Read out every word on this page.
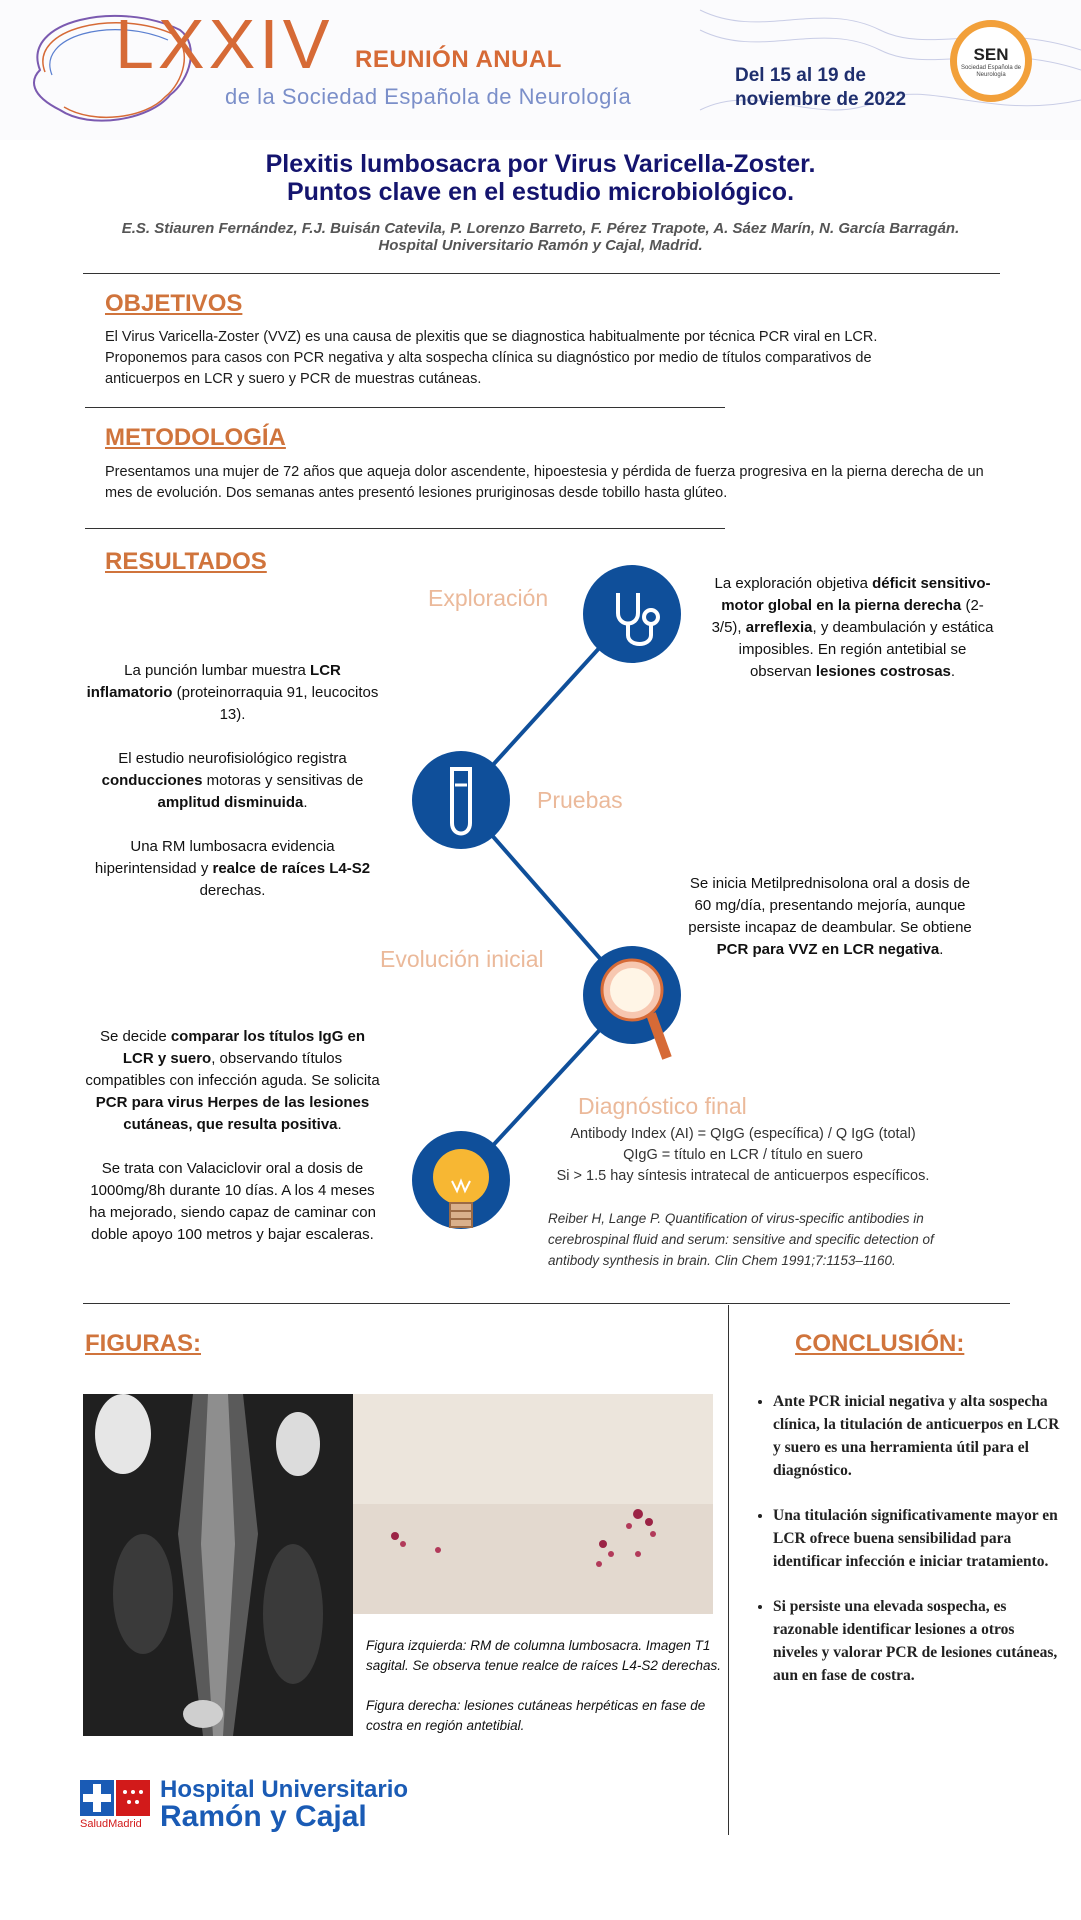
LXXIV REUNIÓN ANUAL
de la Sociedad Española de Neurología
Del 15 al 19 de noviembre de 2022
SEN
Sociedad Española de Neurología
Plexitis lumbosacra por Virus Varicella-Zoster.
Puntos clave en el estudio microbiológico.
E.S. Stiauren Fernández, F.J. Buisán Catevila, P. Lorenzo Barreto, F. Pérez Trapote, A. Sáez Marín, N. García Barragán.
Hospital Universitario Ramón y Cajal, Madrid.
OBJETIVOS
El Virus Varicella-Zoster (VVZ) es una causa de plexitis que se diagnostica habitualmente por técnica PCR viral en LCR. Proponemos para casos con PCR negativa y alta sospecha clínica su diagnóstico por medio de títulos comparativos de anticuerpos en LCR y suero y PCR de muestras cutáneas.
METODOLOGÍA
Presentamos una mujer de 72 años que aqueja dolor ascendente, hipoestesia y pérdida de fuerza progresiva en la pierna derecha de un mes de evolución. Dos semanas antes presentó lesiones pruriginosas desde tobillo hasta glúteo.
RESULTADOS
Exploración
Pruebas
Evolución inicial
Diagnóstico final
La exploración objetiva déficit sensitivo-motor global en la pierna derecha (2-3/5), arreflexia, y deambulación y estática imposibles. En región antetibial se observan lesiones costrosas.

La punción lumbar muestra LCR inflamatorio (proteinorraquia 91, leucocitos 13).

El estudio neurofisiológico registra conducciones motoras y sensitivas de amplitud disminuida.

Una RM lumbosacra evidencia hiperintensidad y realce de raíces L4-S2 derechas.	Se inicia Metilprednisolona oral a dosis de 60 mg/día, presentando mejoría, aunque persiste incapaz de deambular. Se obtiene PCR para VVZ en LCR negativa.

Se decide comparar los títulos IgG en LCR y suero, observando títulos compatibles con infección aguda. Se solicita PCR para virus Herpes de las lesiones cutáneas, que resulta positiva.

Se trata con Valaciclovir oral a dosis de 1000mg/8h durante 10 días. A los 4 meses ha mejorado, siendo capaz de caminar con doble apoyo 100 metros y bajar escaleras.

Antibody Index (AI) = QIgG (específica) / Q IgG (total)
QIgG = título en LCR / título en suero
Si > 1.5 hay síntesis intratecal de anticuerpos específicos.
Reiber H, Lange P. Quantification of virus-specific antibodies in cerebrospinal fluid and serum: sensitive and specific detection of antibody synthesis in brain. Clin Chem 1991;7:1153–1160.
FIGURAS:

Figura izquierda: RM de columna lumbosacra. Imagen T1 sagital. Se observa tenue realce de raíces L4-S2 derechas.

Figura derecha: lesiones cutáneas herpéticas en fase de costra en región antetibial.

CONCLUSIÓN:
• Ante PCR inicial negativa y alta sospecha clínica, la titulación de anticuerpos en LCR y suero es una herramienta útil para el diagnóstico.
• Una titulación significativamente mayor en LCR ofrece buena sensibilidad para identificar infección e iniciar tratamiento.
• Si persiste una elevada sospecha, es razonable identificar lesiones a otros niveles y valorar PCR de lesiones cutáneas, aun en fase de costra.
SaludMadrid
Hospital Universitario
Ramón y Cajal
